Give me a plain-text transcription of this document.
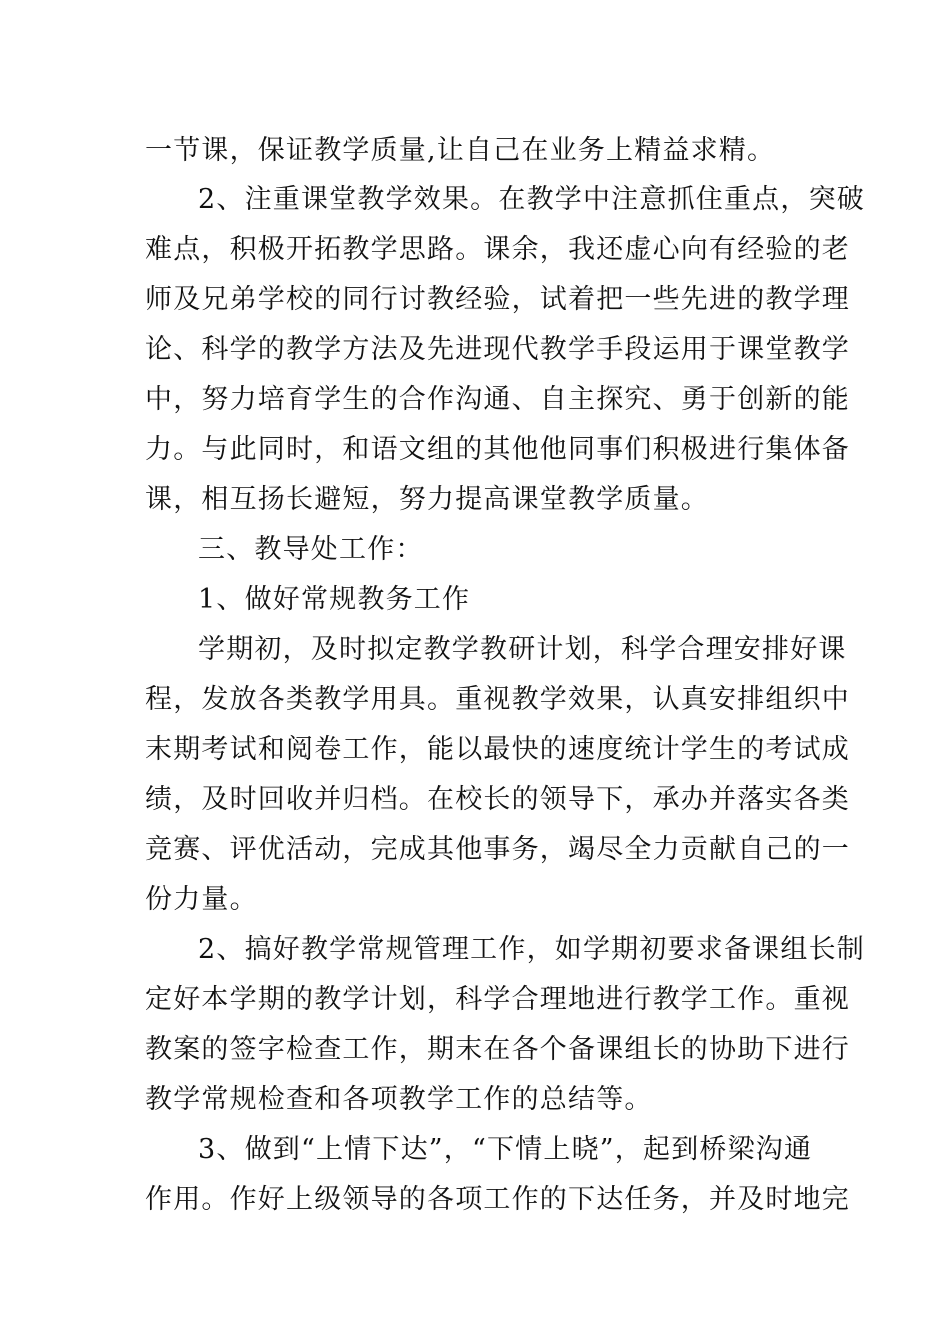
一节课，保证教学质量,让自己在业务上精益求精。
2、注重课堂教学效果。在教学中注意抓住重点，突破
难点，积极开拓教学思路。课余，我还虚心向有经验的老
师及兄弟学校的同行讨教经验，试着把一些先进的教学理
论、科学的教学方法及先进现代教学手段运用于课堂教学
中，努力培育学生的合作沟通、自主探究、勇于创新的能
力。与此同时，和语文组的其他他同事们积极进行集体备
课，相互扬长避短，努力提高课堂教学质量。
三、教导处工作：
1、做好常规教务工作
学期初，及时拟定教学教研计划，科学合理安排好课
程，发放各类教学用具。重视教学效果，认真安排组织中
末期考试和阅卷工作，能以最快的速度统计学生的考试成
绩，及时回收并归档。在校长的领导下，承办并落实各类
竞赛、评优活动，完成其他事务，竭尽全力贡献自己的一
份力量。
2、搞好教学常规管理工作，如学期初要求备课组长制
定好本学期的教学计划，科学合理地进行教学工作。重视
教案的签字检查工作，期末在各个备课组长的协助下进行
教学常规检查和各项教学工作的总结等。
3、做到“上情下达”，“下情上晓”，起到桥梁沟通
作用。作好上级领导的各项工作的下达任务，并及时地完
